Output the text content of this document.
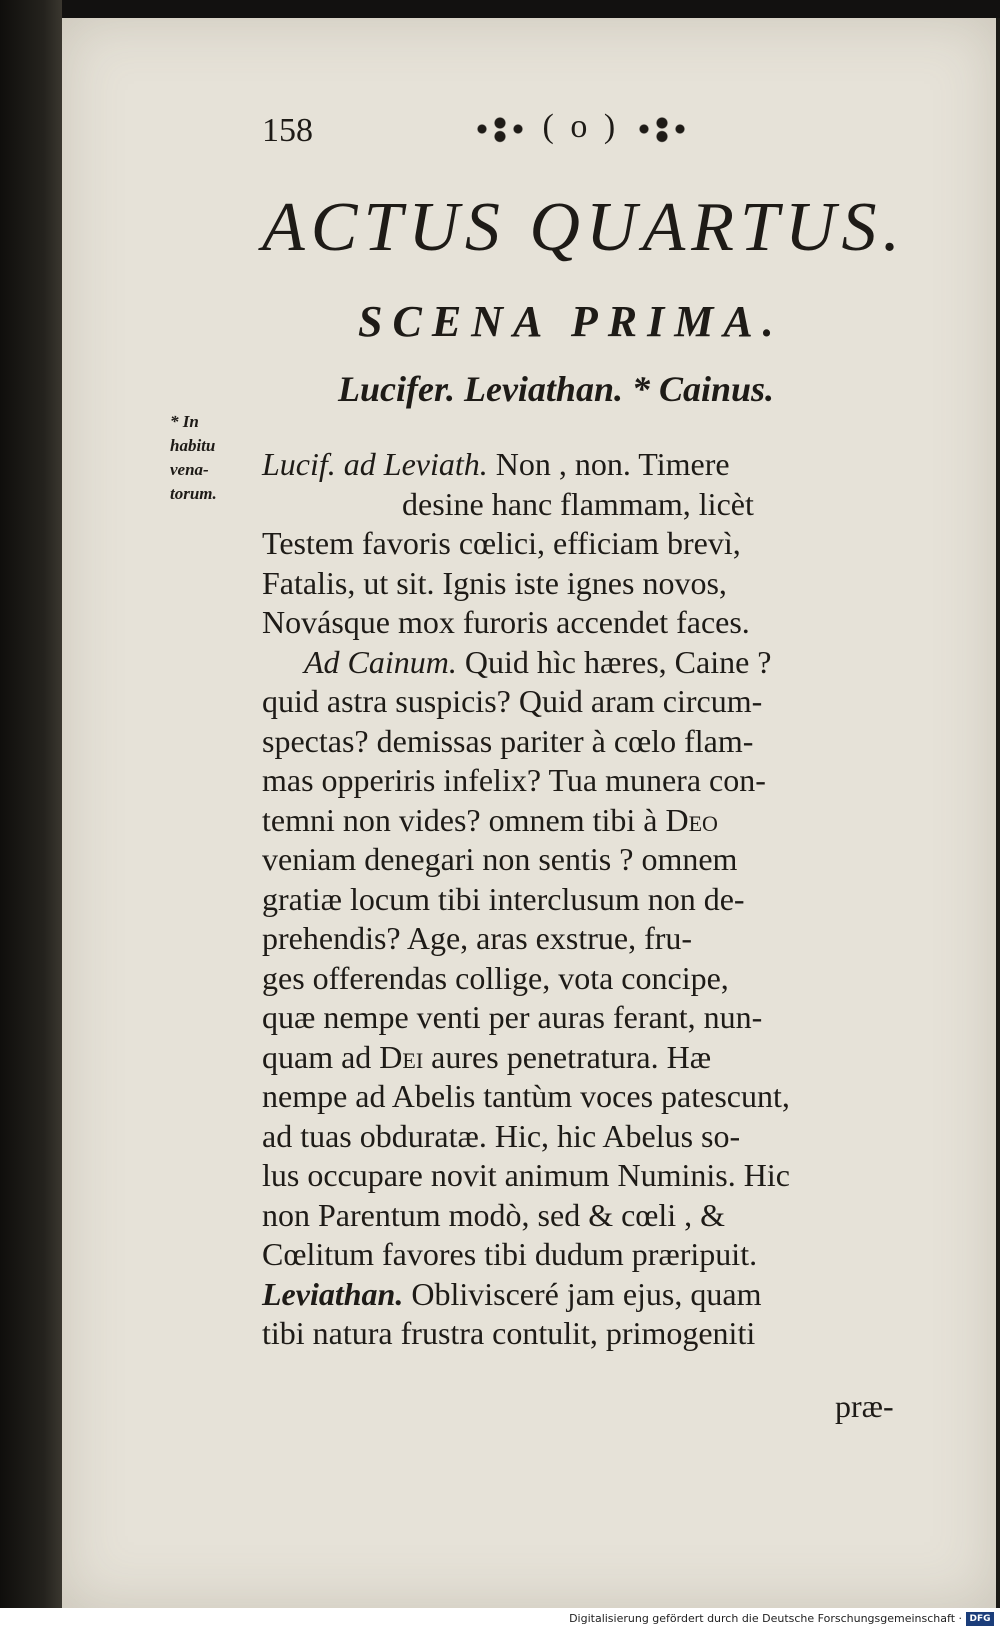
158	( o )
ACTUS QUARTUS.
SCENA PRIMA.
Lucifer. Leviathan. * Cainus.
* In
habitu
vena-
torum.
Lucif. ad Leviath. Non , non. Timere
desine hanc flammam, licèt
Testem favoris cœlici, efficiam brevì,
Fatalis, ut sit. Ignis iste ignes novos,
Novásque mox furoris accendet faces.
Ad Cainum. Quid hìc hæres, Caine ?
quid astra suspicis? Quid aram circum-
spectas? demissas pariter à cœlo flam-
mas opperiris infelix? Tua munera con-
temni non vides? omnem tibi à Deo
veniam denegari non sentis ? omnem
gratiæ locum tibi interclusum non de-
prehendis? Age, aras exstrue, fru-
ges offerendas collige, vota concipe,
quæ nempe venti per auras ferant, nun-
quam ad Dei aures penetratura. Hæ
nempe ad Abelis tantùm voces patescunt,
ad tuas obduratæ. Hic, hic Abelus so-
lus occupare novit animum Numinis. Hic
non Parentum modò, sed & cœli , &
Cœlitum favores tibi dudum præripuit.
Leviathan. Oblivisceré jam ejus, quam
tibi natura frustra contulit, primogeniti
præ-
Digitalisierung gefördert durch die Deutsche Forschungsgemeinschaft · DFG
